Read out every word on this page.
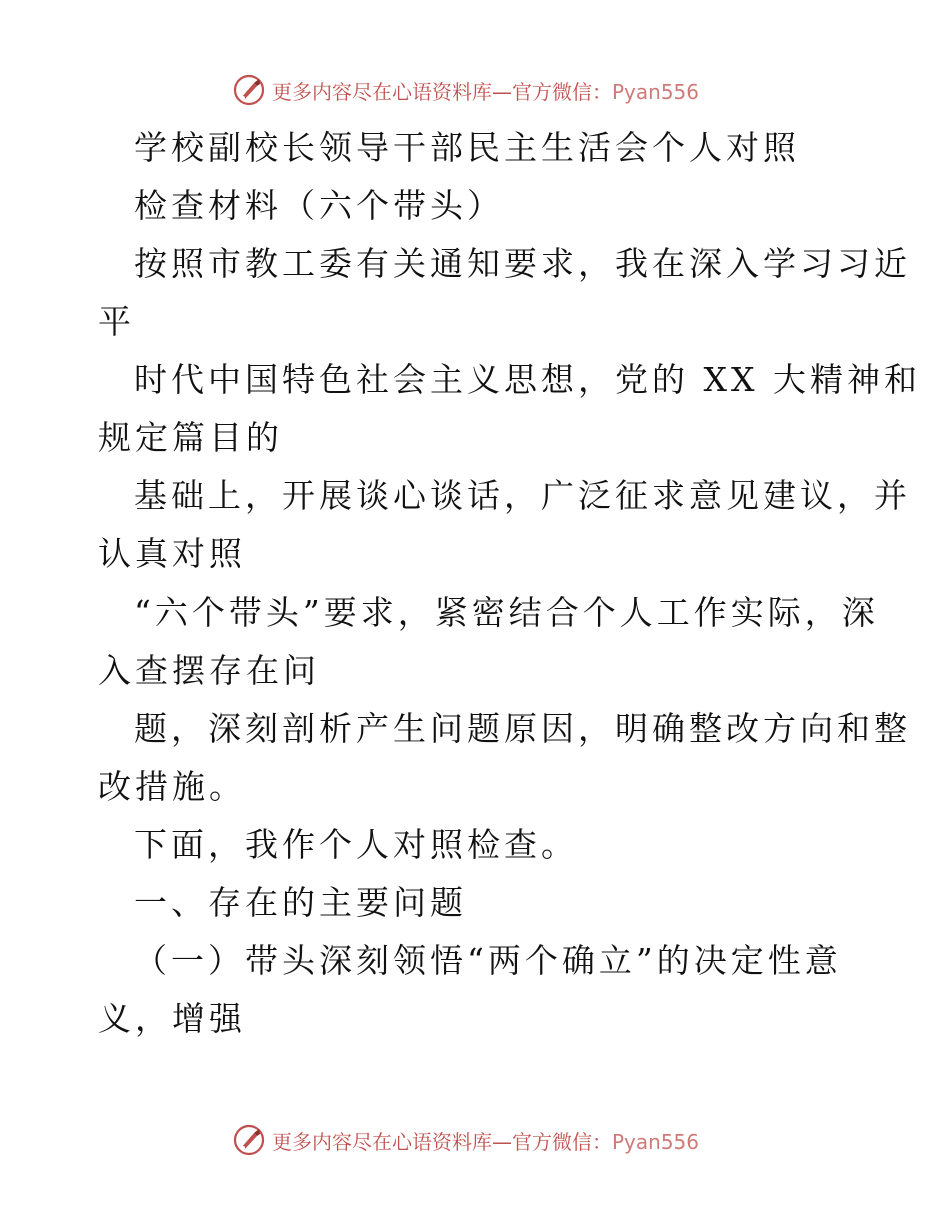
更多内容尽在心语资料库—官方微信：Pyan556

学校副校长领导干部民主生活会个人对照

检查材料（六个带头）

按照市教工委有关通知要求，我在深入学习习近

平

时代中国特色社会主义思想，党的 XX 大精神和

规定篇目的

基础上，开展谈心谈话，广泛征求意见建议，并

认真对照

“六个带头”要求，紧密结合个人工作实际，深

入查摆存在问

题，深刻剖析产生问题原因，明确整改方向和整

改措施。

下面，我作个人对照检查。

一、存在的主要问题

（一）带头深刻领悟“两个确立”的决定性意

义，增强

更多内容尽在心语资料库—官方微信：Pyan556
